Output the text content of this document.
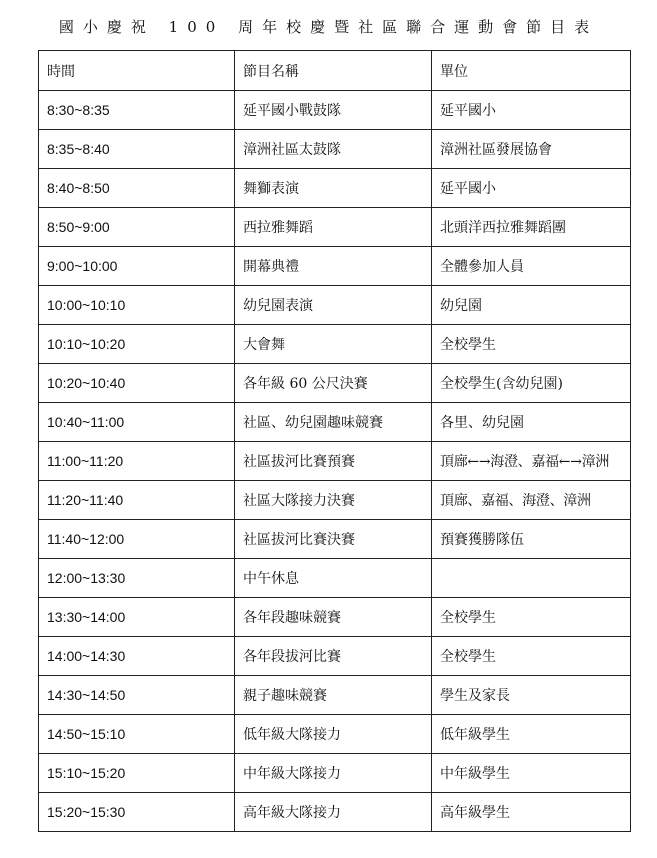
國小慶祝 100 周年校慶暨社區聯合運動會節目表
時間	節目名稱	單位
8:30~8:35	延平國小戰鼓隊	延平國小
8:35~8:40	漳洲社區太鼓隊	漳洲社區發展協會
8:40~8:50	舞獅表演	延平國小
8:50~9:00	西拉雅舞蹈	北頭洋西拉雅舞蹈團
9:00~10:00	開幕典禮	全體參加人員
10:00~10:10	幼兒園表演	幼兒園
10:10~10:20	大會舞	全校學生
10:20~10:40	各年級 60 公尺決賽	全校學生(含幼兒園)
10:40~11:00	社區、幼兒園趣味競賽	各里、幼兒園
11:00~11:20	社區拔河比賽預賽	頂廍←→海澄、嘉福←→漳洲
11:20~11:40	社區大隊接力決賽	頂廍、嘉福、海澄、漳洲
11:40~12:00	社區拔河比賽決賽	預賽獲勝隊伍
12:00~13:30	中午休息	
13:30~14:00	各年段趣味競賽	全校學生
14:00~14:30	各年段拔河比賽	全校學生
14:30~14:50	親子趣味競賽	學生及家長
14:50~15:10	低年級大隊接力	低年級學生
15:10~15:20	中年級大隊接力	中年級學生
15:20~15:30	高年級大隊接力	高年級學生
